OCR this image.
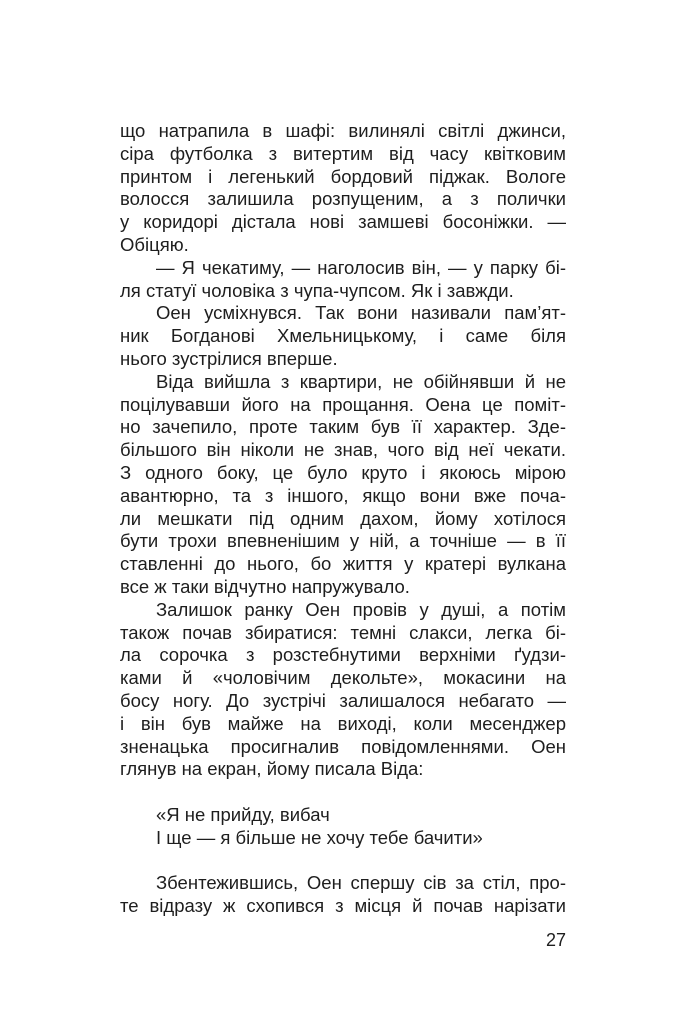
що натрапила в шафі: вилинялі світлі джинси,
сіра футболка з витертим від часу квітковим
принтом і легенький бордовий піджак. Вологе
волосся залишила розпущеним, а з полички
у коридорі дістала нові замшеві босоніжки. —
Обіцяю.
— Я чекатиму, — наголосив він, — у парку бі-
ля статуї чоловіка з чупа-чупсом. Як і завжди.
Оен усміхнувся. Так вони називали пам’ят-
ник Богданові Хмельницькому, і саме біля
нього зустрілися вперше.
Віда вийшла з квартири, не обійнявши й не
поцілувавши його на прощання. Оена це поміт-
но зачепило, проте таким був її характер. Зде-
більшого він ніколи не знав, чого від неї чекати.
З одного боку, це було круто і якоюсь мірою
авантюрно, та з іншого, якщо вони вже поча-
ли мешкати під одним дахом, йому хотілося
бути трохи впевненішим у ній, а точніше — в її
ставленні до нього, бо життя у кратері вулкана
все ж таки відчутно напружувало.
Залишок ранку Оен провів у душі, а потім
також почав збиратися: темні слакси, легка бі-
ла сорочка з розстебнутими верхніми ґудзи-
ками й «чоловічим декольте», мокасини на
босу ногу. До зустрічі залишалося небагато —
і він був майже на виході, коли месенджер
зненацька просигналив повідомленнями. Оен
глянув на екран, йому писала Віда:
«Я не прийду, вибач
І ще — я більше не хочу тебе бачити»
Збентежившись, Оен спершу сів за стіл, про-
те відразу ж схопився з місця й почав нарізати
27
